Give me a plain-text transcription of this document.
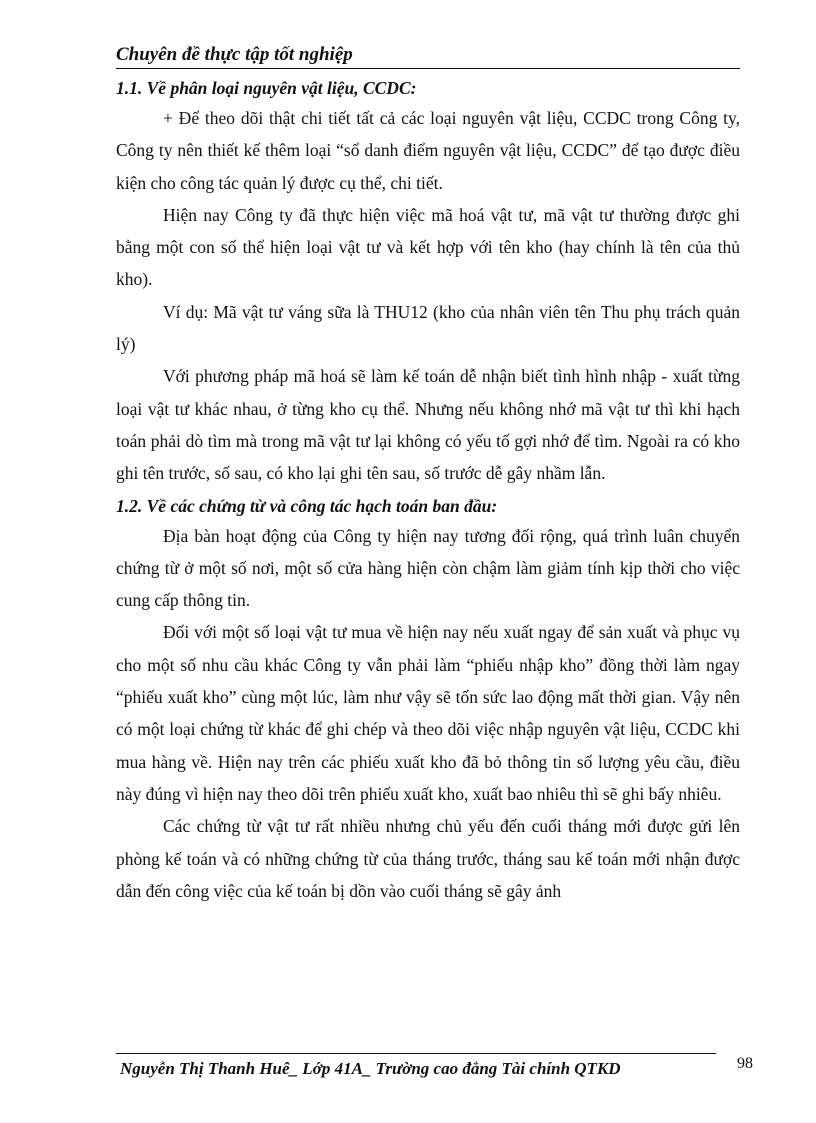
Chuyên đề thực tập tốt nghiệp
1.1. Về phân loại nguyên vật liệu, CCDC:

+ Để theo dõi thật chi tiết tất cả các loại nguyên vật liệu, CCDC trong Công ty, Công ty nên thiết kế thêm loại “sổ danh điểm nguyên vật liệu, CCDC” để tạo được điều kiện cho công tác quản lý được cụ thể, chi tiết.

Hiện nay Công ty đã thực hiện việc mã hoá vật tư, mã vật tư thường được ghi bằng một con số thể hiện loại vật tư và kết hợp với tên kho (hay chính là tên của thủ kho).

Ví dụ: Mã vật tư váng sữa là THU12 (kho của nhân viên tên Thu phụ trách quản lý)

Với phương pháp mã hoá sẽ làm kế toán dễ nhận biết tình hình nhập - xuất từng loại vật tư khác nhau, ở từng kho cụ thể. Nhưng nếu không nhớ mã vật tư thì khi hạch toán phải dò tìm mà trong mã vật tư lại không có yếu tố gợi nhớ để tìm. Ngoài ra có kho ghi tên trước, số sau, có kho lại ghi tên sau, số trước dễ gây nhầm lẫn.

1.2. Về các chứng từ và công tác hạch toán ban đầu:

Địa bàn hoạt động của Công ty hiện nay tương đối rộng, quá trình luân chuyển chứng từ ở một số nơi, một số cửa hàng hiện còn chậm làm giảm tính kịp thời cho việc cung cấp thông tin.

Đối với một số loại vật tư mua về hiện nay nếu xuất ngay để sản xuất và phục vụ cho một số nhu cầu khác Công ty vẫn phải làm “phiếu nhập kho” đồng thời làm ngay “phiếu xuất kho” cùng một lúc, làm như vậy sẽ tốn sức lao động mất thời gian. Vậy nên có một loại chứng từ khác để ghi chép và theo dõi việc nhập nguyên vật liệu, CCDC khi mua hàng về. Hiện nay trên các phiếu xuất kho đã bỏ thông tin số lượng yêu cầu, điều này đúng vì hiện nay theo dõi trên phiếu xuất kho, xuất bao nhiêu thì sẽ ghi bấy nhiêu.

Các chứng từ vật tư rất nhiều nhưng chủ yếu đến cuối tháng mới được gửi lên phòng kế toán và có những chứng từ của tháng trước, tháng sau kế toán mới nhận được dẫn đến công việc của kế toán bị dồn vào cuối tháng sẽ gây ảnh

Nguyễn Thị Thanh Huê_ Lớp 41A_ Trường cao đẳng Tài chính QTKD	98
